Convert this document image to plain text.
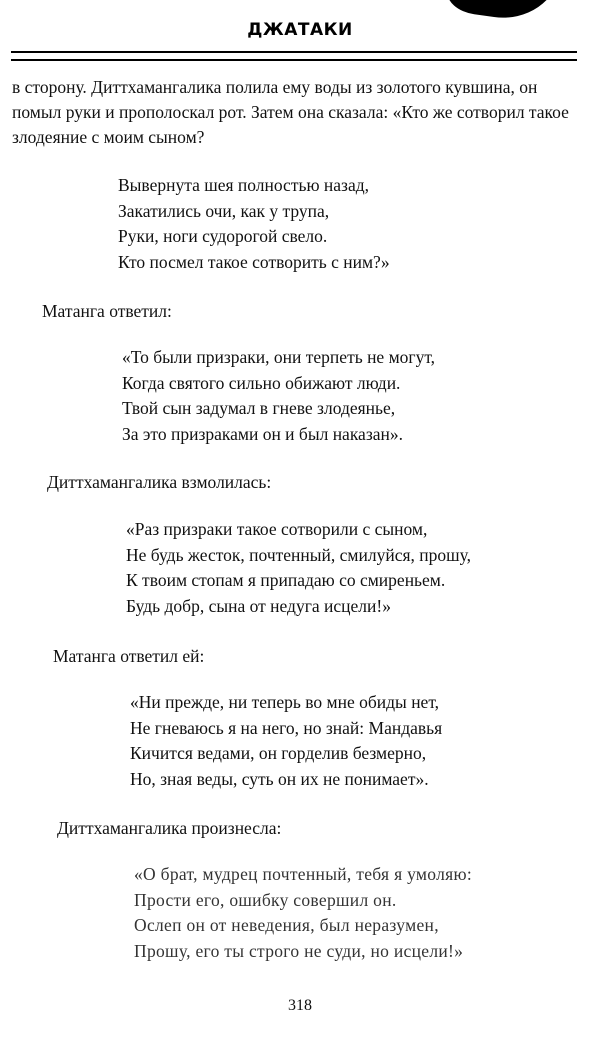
ДЖАТАКИ

в сторону. Диттхамангалика полила ему воды из золотого кувшина, он помыл руки и прополоскал рот. Затем она сказала: «Кто же сотворил такое злодеяние с моим сыном?

Вывернута шея полностью назад,
Закатились очи, как у трупа,
Руки, ноги судорогой свело.
Кто посмел такое сотворить с ним?»

Матанга ответил:

«То были призраки, они терпеть не могут,
Когда святого сильно обижают люди.
Твой сын задумал в гневе злодеянье,
За это призраками он и был наказан».

Диттхамангалика взмолилась:

«Раз призраки такое сотворили с сыном,
Не будь жесток, почтенный, смилуйся, прошу,
К твоим стопам я припадаю со смиреньем.
Будь добр, сына от недуга исцели!»

Матанга ответил ей:

«Ни прежде, ни теперь во мне обиды нет,
Не гневаюсь я на него, но знай: Мандавья
Кичится ведами, он горделив безмерно,
Но, зная веды, суть он их не понимает».

Диттхамангалика произнесла:

«О брат, мудрец почтенный, тебя я умоляю:
Прости его, ошибку совершил он.
Ослеп он от неведения, был неразумен,
Прошу, его ты строго не суди, но исцели!»
318
